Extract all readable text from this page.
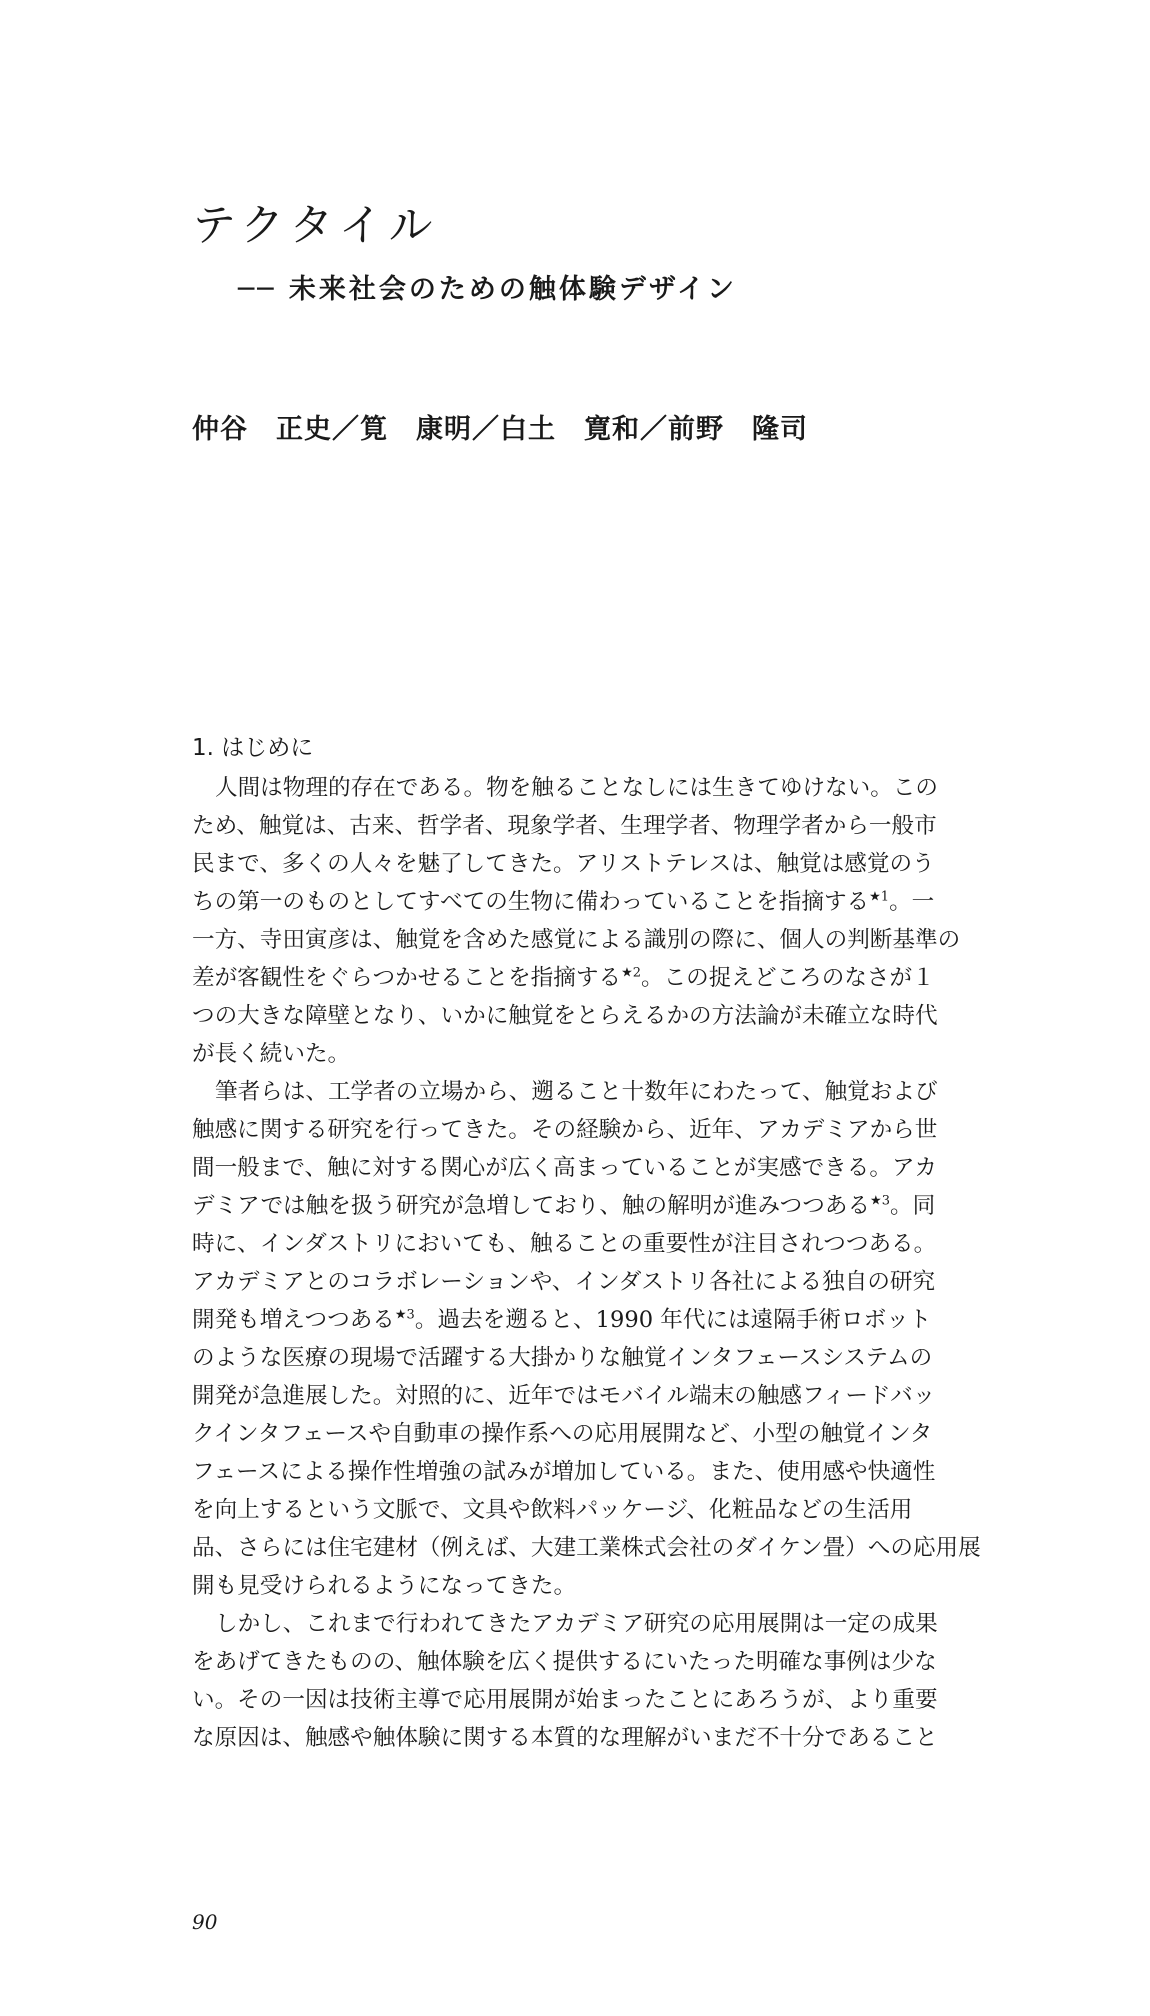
テクタイル
── 未来社会のための触体験デザイン
仲谷　正史／筧　康明／白土　寛和／前野　隆司
1. はじめに

人間は物理的存在である。物を触ることなしには生きてゆけない。この
ため、触覚は、古来、哲学者、現象学者、生理学者、物理学者から一般市
民まで、多くの人々を魅了してきた。アリストテレスは、触覚は感覚のう
ちの第一のものとしてすべての生物に備わっていることを指摘する$^{★1}$。一
一方、寺田寅彦は、触覚を含めた感覚による識別の際に、個人の判断基準の
差が客観性をぐらつかせることを指摘する$^{★2}$。この捉えどころのなさが１
つの大きな障壁となり、いかに触覚をとらえるかの方法論が未確立な時代
が長く続いた。

筆者らは、工学者の立場から、遡ること十数年にわたって、触覚および
触感に関する研究を行ってきた。その経験から、近年、アカデミアから世
間一般まで、触に対する関心が広く高まっていることが実感できる。アカ
デミアでは触を扱う研究が急増しており、触の解明が進みつつある$^{★3}$。同
時に、インダストリにおいても、触ることの重要性が注目されつつある。
アカデミアとのコラボレーションや、インダストリ各社による独自の研究
開発も増えつつある$^{★3}$。過去を遡ると、1990 年代には遠隔手術ロボット
のような医療の現場で活躍する大掛かりな触覚インタフェースシステムの
開発が急進展した。対照的に、近年ではモバイル端末の触感フィードバッ
クインタフェースや自動車の操作系への応用展開など、小型の触覚インタ
フェースによる操作性増強の試みが増加している。また、使用感や快適性
を向上するという文脈で、文具や飲料パッケージ、化粧品などの生活用
品、さらには住宅建材（例えば、大建工業株式会社のダイケン畳）への応用展
開も見受けられるようになってきた。

しかし、これまで行われてきたアカデミア研究の応用展開は一定の成果
をあげてきたものの、触体験を広く提供するにいたった明確な事例は少な
い。その一因は技術主導で応用展開が始まったことにあろうが、より重要
な原因は、触感や触体験に関する本質的な理解がいまだ不十分であること

90
